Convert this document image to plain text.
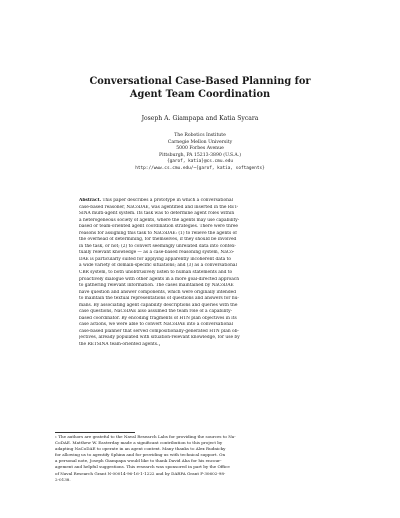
Conversational Case-Based Planning for
Agent Team Coordination
Joseph A. Giampapa and Katia Sycara
The Robotics Institute
Carnegie Mellon University
5000 Forbes Avenue
Pittsburgh, PA 15213-3890 (U.S.A.)
{garof, katia}@cs.cmu.edu
http://www.cs.cmu.edu/~{garof, katia, softagents}
Abstract. This paper describes a prototype in which a conversational
case-based reasoner, NaCoDAE, was agentified and inserted in the RET-
SINA multi-agent system. Its task was to determine agent roles within
a heterogeneous society of agents, where the agents may use capability-
based or team-oriented agent coordination strategies. There were three
reasons for assigning this task to NaCoDAE: (1) to relieve the agents of
the overhead of determining, for themselves, if they should be involved
in the task, or not; (2) to convert seemingly unrelated data into contex-
tually relevant knowledge — as a case-based reasoning system, NaCo-
DAE is particularly suited for applying apparently incoherent data to
a wide variety of domain-specific situations; and (3) as a conversational
CBR system, to both unobtrusively listen to human statements and to
proactively dialogue with other agents in a more goal-directed approach
to gathering relevant information. The cases maintained by NaCoDAE
have question and answer components, which were originally intended
to maintain the textual representations of questions and answers for hu-
mans. By associating agent capability descriptions and queries with the
case questions, NaCoDAE also assumed the team role of a capability-
based coordinator. By encoding fragments of HTN plan objectives in its
case actions, we were able to convert NaCoDAE into a conversational
case-based planner that served compositionally-generated HTN plan ob-
jectives, already populated with situation-relevant knowledge, for use by
the RETSINA team-oriented agents.$^1$
$^1$ The authors are grateful to the Naval Research Labs for providing the sources to Na-
CoDAE. Matthew W. Easterday made a significant contribution to this project by
adapting NaCoDAE to operate in an agent context. Many thanks to Alex Rudnicky
for allowing us to agentify Sphinx and for providing us with technical support. On
a personal note, Joseph Giampapa would like to thank David Aha for his encour-
agement and helpful suggestions. This research was sponsored in part by the Office
of Naval Research Grant N-00014-96-16-1-1222 and by DARPA Grant F-30602-98-
2-0138.
